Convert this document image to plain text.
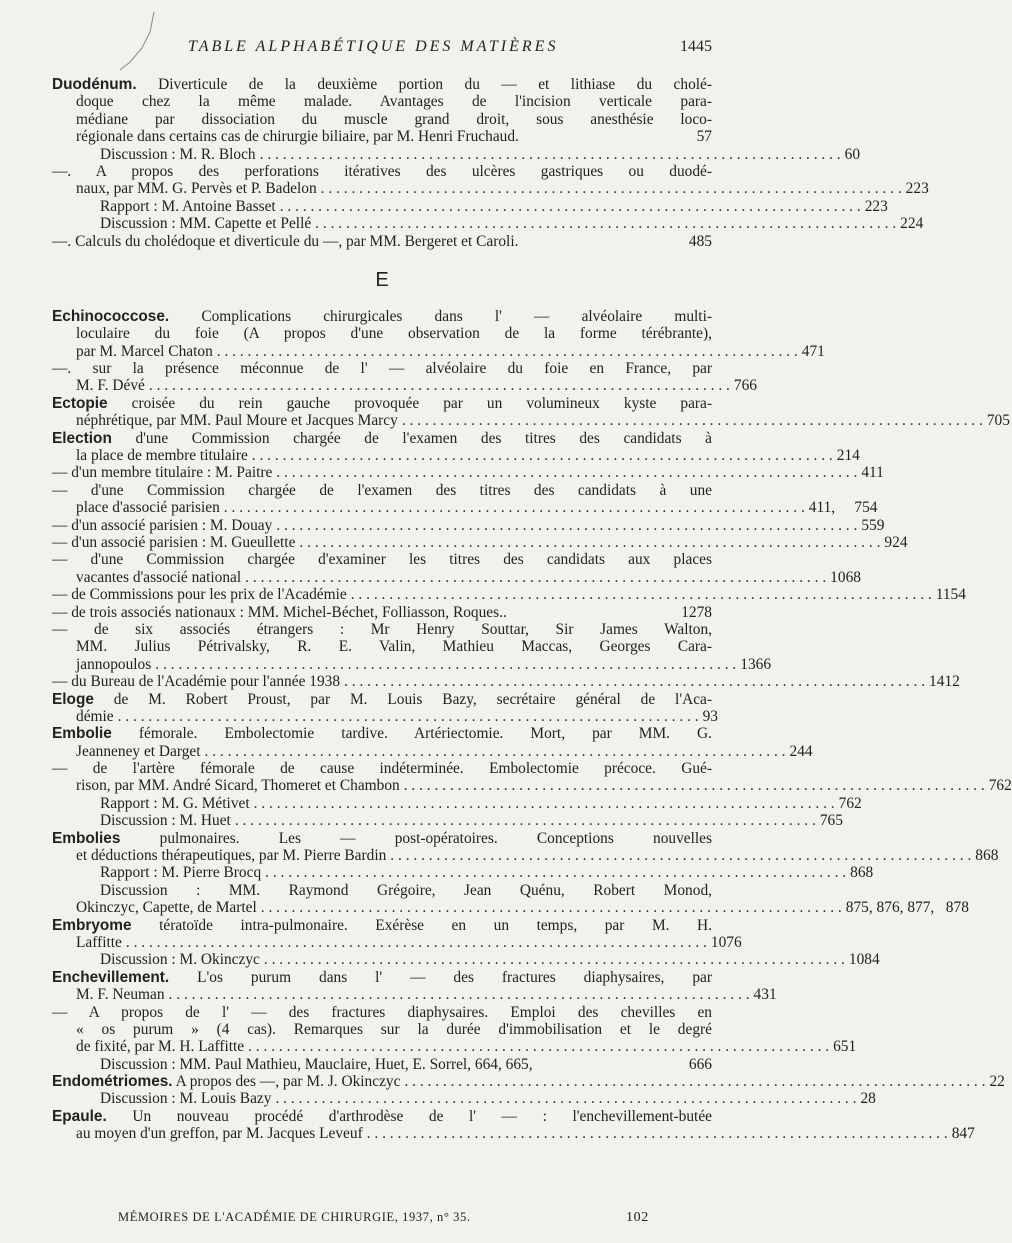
TABLE ALPHABÉTIQUE DES MATIÈRES	1445
Duodénum. Diverticule de la deuxième portion du — et lithiase du cholé-
doque chez la même malade. Avantages de l'incision verticale para-
médiane par dissociation du muscle grand droit, sous anesthésie loco-
régionale dans certains cas de chirurgie biliaire, par M. Henri Fruchaud.	57
Discussion : M. R. Bloch . . . . . . . . . . . . . . . . . . . . . . . . . . . . . . . . . . . . . . . . . . . . . . . . . . . . . . . . . . . . . . . . . . . . . . . . . . . . 60
—. A propos des perforations itératives des ulcères gastriques ou duodé-
naux, par MM. G. Pervès et P. Badelon . . . . . . . . . . . . . . . . . . . . . . . . . . . . . . . . . . . . . . . . . . . . . . . . . . . . . . . . . . . . . . . . . . . . . . . . . . . . 223
Rapport : M. Antoine Basset . . . . . . . . . . . . . . . . . . . . . . . . . . . . . . . . . . . . . . . . . . . . . . . . . . . . . . . . . . . . . . . . . . . . . . . . . . . . 223
Discussion : MM. Capette et Pellé . . . . . . . . . . . . . . . . . . . . . . . . . . . . . . . . . . . . . . . . . . . . . . . . . . . . . . . . . . . . . . . . . . . . . . . . . . . . 224
—. Calculs du cholédoque et diverticule du —, par MM. Bergeret et Caroli.	485
E
Echinococcose. Complications chirurgicales dans l' — alvéolaire multi-
loculaire du foie (A propos d'une observation de la forme térébrante),
par M. Marcel Chaton . . . . . . . . . . . . . . . . . . . . . . . . . . . . . . . . . . . . . . . . . . . . . . . . . . . . . . . . . . . . . . . . . . . . . . . . . . . . 471
—. sur la présence méconnue de l' — alvéolaire du foie en France, par
M. F. Dévé . . . . . . . . . . . . . . . . . . . . . . . . . . . . . . . . . . . . . . . . . . . . . . . . . . . . . . . . . . . . . . . . . . . . . . . . . . . . 766
Ectopie croisée du rein gauche provoquée par un volumineux kyste para-
néphrétique, par MM. Paul Moure et Jacques Marcy . . . . . . . . . . . . . . . . . . . . . . . . . . . . . . . . . . . . . . . . . . . . . . . . . . . . . . . . . . . . . . . . . . . . . . . . . . . . 705
Election d'une Commission chargée de l'examen des titres des candidats à
la place de membre titulaire . . . . . . . . . . . . . . . . . . . . . . . . . . . . . . . . . . . . . . . . . . . . . . . . . . . . . . . . . . . . . . . . . . . . . . . . . . . . 214
— d'un membre titulaire : M. Paitre . . . . . . . . . . . . . . . . . . . . . . . . . . . . . . . . . . . . . . . . . . . . . . . . . . . . . . . . . . . . . . . . . . . . . . . . . . . . 411
— d'une Commission chargée de l'examen des titres des candidats à une
place d'associé parisien . . . . . . . . . . . . . . . . . . . . . . . . . . . . . . . . . . . . . . . . . . . . . . . . . . . . . . . . . . . . . . . . . . . . . . . . . . . . 411,     754
— d'un associé parisien : M. Douay . . . . . . . . . . . . . . . . . . . . . . . . . . . . . . . . . . . . . . . . . . . . . . . . . . . . . . . . . . . . . . . . . . . . . . . . . . . . 559
— d'un associé parisien : M. Gueullette . . . . . . . . . . . . . . . . . . . . . . . . . . . . . . . . . . . . . . . . . . . . . . . . . . . . . . . . . . . . . . . . . . . . . . . . . . . . 924
— d'une Commission chargée d'examiner les titres des candidats aux places
vacantes d'associé national . . . . . . . . . . . . . . . . . . . . . . . . . . . . . . . . . . . . . . . . . . . . . . . . . . . . . . . . . . . . . . . . . . . . . . . . . . . . 1068
— de Commissions pour les prix de l'Académie . . . . . . . . . . . . . . . . . . . . . . . . . . . . . . . . . . . . . . . . . . . . . . . . . . . . . . . . . . . . . . . . . . . . . . . . . . . . 1154
— de trois associés nationaux : MM. Michel-Béchet, Folliasson, Roques..	1278
— de six associés étrangers : Mr Henry Souttar, Sir James Walton,
MM. Julius Pétrivalsky, R. E. Valin, Mathieu Maccas, Georges Cara-
jannopoulos . . . . . . . . . . . . . . . . . . . . . . . . . . . . . . . . . . . . . . . . . . . . . . . . . . . . . . . . . . . . . . . . . . . . . . . . . . . . 1366
— du Bureau de l'Académie pour l'année 1938 . . . . . . . . . . . . . . . . . . . . . . . . . . . . . . . . . . . . . . . . . . . . . . . . . . . . . . . . . . . . . . . . . . . . . . . . . . . . 1412
Eloge de M. Robert Proust, par M. Louis Bazy, secrétaire général de l'Aca-
démie . . . . . . . . . . . . . . . . . . . . . . . . . . . . . . . . . . . . . . . . . . . . . . . . . . . . . . . . . . . . . . . . . . . . . . . . . . . . 93
Embolie fémorale. Embolectomie tardive. Artériectomie. Mort, par MM. G.
Jeanneney et Darget . . . . . . . . . . . . . . . . . . . . . . . . . . . . . . . . . . . . . . . . . . . . . . . . . . . . . . . . . . . . . . . . . . . . . . . . . . . . 244
— de l'artère fémorale de cause indéterminée. Embolectomie précoce. Gué-
rison, par MM. André Sicard, Thomeret et Chambon . . . . . . . . . . . . . . . . . . . . . . . . . . . . . . . . . . . . . . . . . . . . . . . . . . . . . . . . . . . . . . . . . . . . . . . . . . . . 762
Rapport : M. G. Métivet . . . . . . . . . . . . . . . . . . . . . . . . . . . . . . . . . . . . . . . . . . . . . . . . . . . . . . . . . . . . . . . . . . . . . . . . . . . . 762
Discussion : M. Huet . . . . . . . . . . . . . . . . . . . . . . . . . . . . . . . . . . . . . . . . . . . . . . . . . . . . . . . . . . . . . . . . . . . . . . . . . . . . 765
Embolies pulmonaires. Les — post-opératoires. Conceptions nouvelles
et déductions thérapeutiques, par M. Pierre Bardin . . . . . . . . . . . . . . . . . . . . . . . . . . . . . . . . . . . . . . . . . . . . . . . . . . . . . . . . . . . . . . . . . . . . . . . . . . . . 868
Rapport : M. Pierre Brocq . . . . . . . . . . . . . . . . . . . . . . . . . . . . . . . . . . . . . . . . . . . . . . . . . . . . . . . . . . . . . . . . . . . . . . . . . . . . 868
Discussion : MM. Raymond Grégoire, Jean Quénu, Robert Monod,
Okinczyc, Capette, de Martel . . . . . . . . . . . . . . . . . . . . . . . . . . . . . . . . . . . . . . . . . . . . . . . . . . . . . . . . . . . . . . . . . . . . . . . . . . . . 875, 876, 877,   878
Embryome tératoïde intra-pulmonaire. Exérèse en un temps, par M. H.
Laffitte . . . . . . . . . . . . . . . . . . . . . . . . . . . . . . . . . . . . . . . . . . . . . . . . . . . . . . . . . . . . . . . . . . . . . . . . . . . . 1076
Discussion : M. Okinczyc . . . . . . . . . . . . . . . . . . . . . . . . . . . . . . . . . . . . . . . . . . . . . . . . . . . . . . . . . . . . . . . . . . . . . . . . . . . . 1084
Enchevillement. L'os purum dans l' — des fractures diaphysaires, par
M. F. Neuman . . . . . . . . . . . . . . . . . . . . . . . . . . . . . . . . . . . . . . . . . . . . . . . . . . . . . . . . . . . . . . . . . . . . . . . . . . . . 431
— A propos de l' — des fractures diaphysaires. Emploi des chevilles en
« os purum » (4 cas). Remarques sur la durée d'immobilisation et le degré
de fixité, par M. H. Laffitte . . . . . . . . . . . . . . . . . . . . . . . . . . . . . . . . . . . . . . . . . . . . . . . . . . . . . . . . . . . . . . . . . . . . . . . . . . . . 651
Discussion : MM. Paul Mathieu, Mauclaire, Huet, E. Sorrel, 664, 665,	666
Endométriomes. A propos des —, par M. J. Okinczyc . . . . . . . . . . . . . . . . . . . . . . . . . . . . . . . . . . . . . . . . . . . . . . . . . . . . . . . . . . . . . . . . . . . . . . . . . . . . 22
Discussion : M. Louis Bazy . . . . . . . . . . . . . . . . . . . . . . . . . . . . . . . . . . . . . . . . . . . . . . . . . . . . . . . . . . . . . . . . . . . . . . . . . . . . 28
Epaule. Un nouveau procédé d'arthrodèse de l' — : l'enchevillement-butée
au moyen d'un greffon, par M. Jacques Leveuf . . . . . . . . . . . . . . . . . . . . . . . . . . . . . . . . . . . . . . . . . . . . . . . . . . . . . . . . . . . . . . . . . . . . . . . . . . . . 847
MÉMOIRES DE L'ACADÉMIE DE CHIRURGIE, 1937, n° 35.	102
